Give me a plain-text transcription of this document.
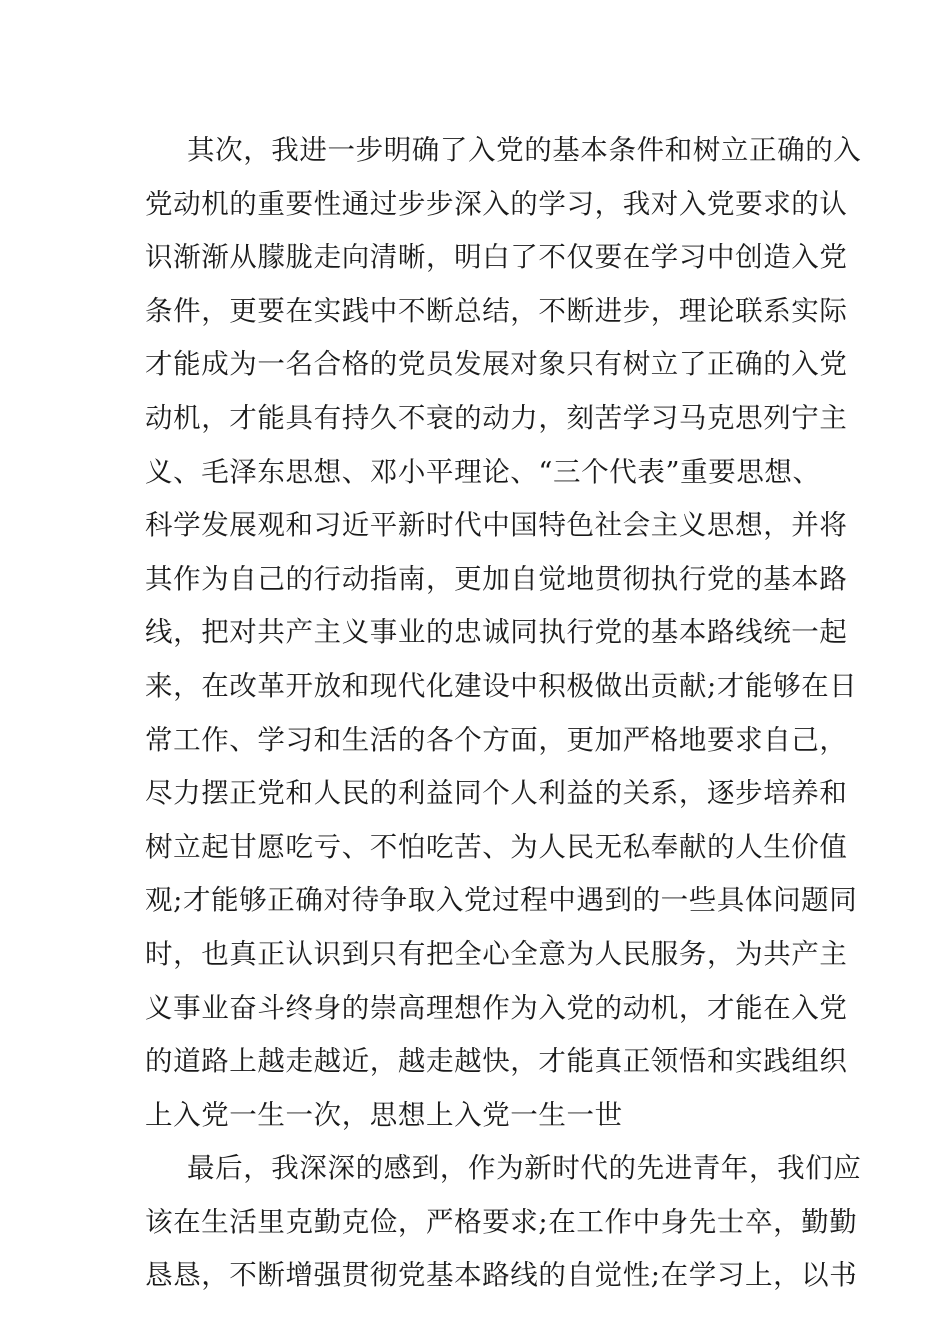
其次，我进一步明确了入党的基本条件和树立正确的入
党动机的重要性通过步步深入的学习，我对入党要求的认
识渐渐从朦胧走向清晰，明白了不仅要在学习中创造入党
条件，更要在实践中不断总结，不断进步，理论联系实际
才能成为一名合格的党员发展对象只有树立了正确的入党
动机，才能具有持久不衰的动力，刻苦学习马克思列宁主
义、毛泽东思想、邓小平理论、“三个代表”重要思想、
科学发展观和习近平新时代中国特色社会主义思想，并将
其作为自己的行动指南，更加自觉地贯彻执行党的基本路
线，把对共产主义事业的忠诚同执行党的基本路线统一起
来，在改革开放和现代化建设中积极做出贡献;才能够在日
常工作、学习和生活的各个方面，更加严格地要求自己，
尽力摆正党和人民的利益同个人利益的关系，逐步培养和
树立起甘愿吃亏、不怕吃苦、为人民无私奉献的人生价值
观;才能够正确对待争取入党过程中遇到的一些具体问题同
时，也真正认识到只有把全心全意为人民服务，为共产主
义事业奋斗终身的崇高理想作为入党的动机，才能在入党
的道路上越走越近，越走越快，才能真正领悟和实践组织
上入党一生一次，思想上入党一生一世
最后，我深深的感到，作为新时代的先进青年，我们应
该在生活里克勤克俭，严格要求;在工作中身先士卒，勤勤
恳恳，不断增强贯彻党基本路线的自觉性;在学习上，以书
